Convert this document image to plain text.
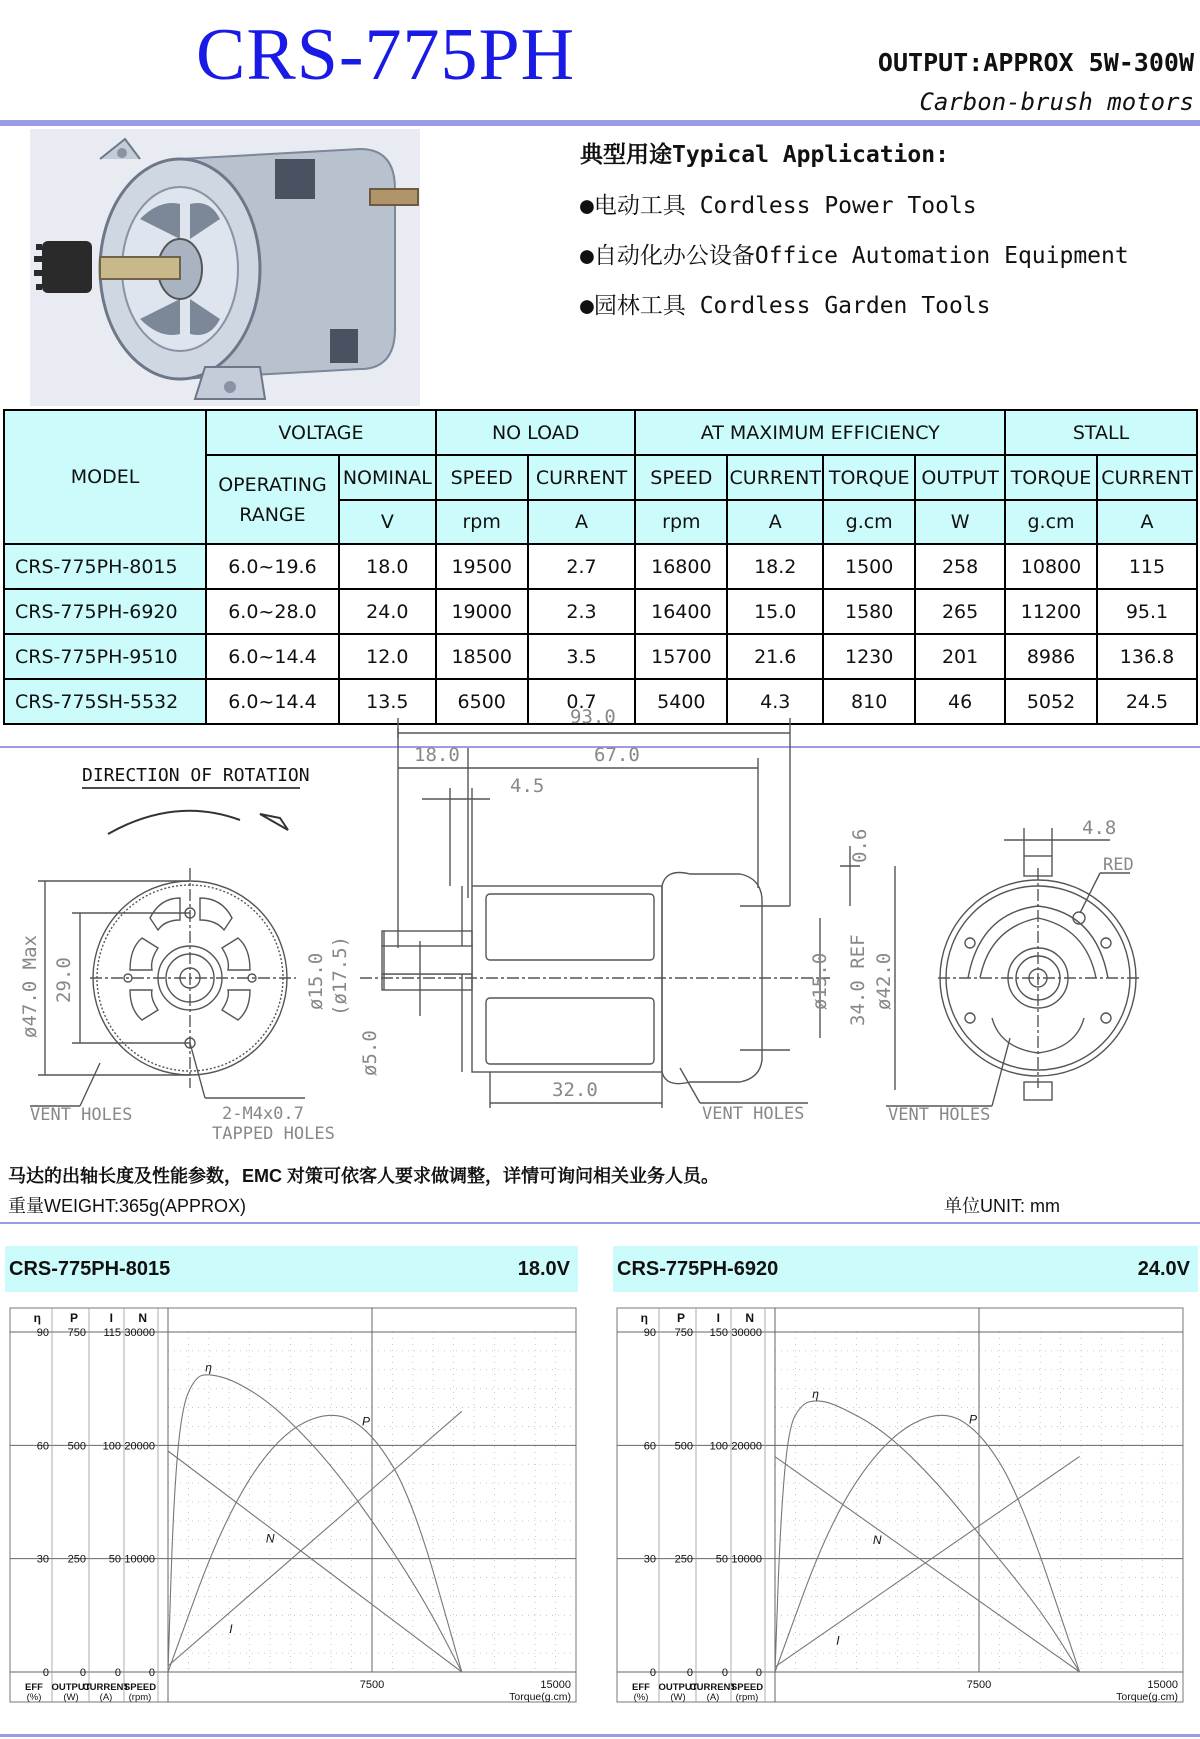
CRS-775PH	OUTPUT:APPROX 5W-300W
Carbon-brush motors
典型用途Typical Application:
●电动工具 Cordless Power Tools
●自动化办公设备Office Automation Equipment
●园林工具 Cordless Garden Tools
MODEL	VOLTAGE		NO LOAD		AT MAXIMUM EFFICIENCY				STALL	

	OPERATING
RANGE	NOMINAL	SPEED	CURRENT	SPEED	CURRENT	TORQUE	OUTPUT	TORQUE	CURRENT
		V	rpm	A	rpm	A	g.cm	W	g.cm	A
CRS-775PH-8015	6.0~19.6	18.0	19500	2.7	16800	18.2	1500	258	10800	115
CRS-775PH-6920	6.0~28.0	24.0	19000	2.3	16400	15.0	1580	265	11200	95.1
CRS-775PH-9510	6.0~14.4	12.0	18500	3.5	15700	21.6	1230	201	8986	136.8
CRS-775SH-5532	6.0~14.4	13.5	6500	0.7	5400	4.3	810	46	5052	24.5
DIRECTION OF ROTATION
ø47.0 Max 29.0
VENT HOLES	2-M4x0.7
TAPPED HOLES
93.0
18.0	67.0
4.5
ø15.0 (ø17.5)
ø5.0
32.0
VENT HOLES
0.6
ø15.0 34.0 REF ø42.0
4.8
RED
VENT HOLES
马达的出轴长度及性能参数，EMC 对策可依客人要求做调整，详情可询问相关业务人员。
重量WEIGHT:365g(APPROX)	单位UNIT: mm
CRS-775PH-8015	18.0V CRS-775PH-6920	24.0V
η
90
60
30
0
EFF
(%)
P
750
500
250
0
OUTPUT
(W)
I
115
100
50
0
CURRENT
(A)
N
30000
20000
10000
0
SPEED
(rpm)
7500	15000
Torque(g.cm)
η
P
N
I
η
90
60
30
0
EFF
(%)
P
750
500
250
0
OUTPUT
(W)
I
150
100
50
0
CURRENT
(A)
N
30000
20000
10000
0
SPEED
(rpm)
7500	15000
Torque(g.cm)
η
P
N
I
